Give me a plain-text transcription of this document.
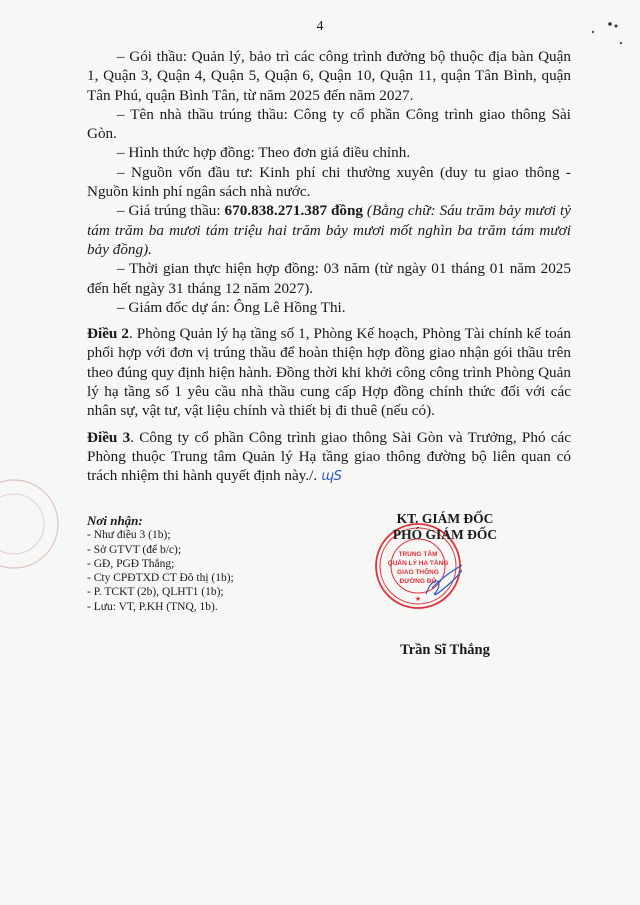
4

– Gói thầu: Quản lý, bảo trì các công trình đường bộ thuộc địa bàn Quận 1, Quận 3, Quận 4, Quận 5, Quận 6, Quận 10, Quận 11, quận Tân Bình, quận Tân Phú, quận Bình Tân, từ năm 2025 đến năm 2027.

– Tên nhà thầu trúng thầu: Công ty cổ phần Công trình giao thông Sài Gòn.

– Hình thức hợp đồng: Theo đơn giá điều chỉnh.

– Nguồn vốn đầu tư: Kinh phí chi thường xuyên (duy tu giao thông - Nguồn kinh phí ngân sách nhà nước.

– Giá trúng thầu: 670.838.271.387 đồng (Bằng chữ: Sáu trăm bảy mươi tỷ tám trăm ba mươi tám triệu hai trăm bảy mươi mốt nghìn ba trăm tám mươi bảy đồng).

– Thời gian thực hiện hợp đồng: 03 năm (từ ngày 01 tháng 01 năm 2025 đến hết ngày 31 tháng 12 năm 2027).

– Giám đốc dự án: Ông Lê Hồng Thi.

Điều 2. Phòng Quản lý hạ tầng số 1, Phòng Kế hoạch, Phòng Tài chính kế toán phối hợp với đơn vị trúng thầu để hoàn thiện hợp đồng giao nhận gói thầu trên theo đúng quy định hiện hành. Đồng thời khi khởi công công trình Phòng Quản lý hạ tầng số 1 yêu cầu nhà thầu cung cấp Hợp đồng chính thức đối với các nhân sự, vật tư, vật liệu chính và thiết bị đi thuê (nếu có).

Điều 3. Công ty cổ phần Công trình giao thông Sài Gòn và Trưởng, Phó các Phòng thuộc Trung tâm Quản lý Hạ tầng giao thông đường bộ liên quan có trách nhiệm thi hành quyết định này./. ɰS

Nơi nhận:
- Như điều 3 (1b);
- Sở GTVT (để b/c);
- GĐ, PGĐ Thắng;
- Cty CPĐTXD CT Đô thị (1b);
- P. TCKT (2b), QLHT1 (1b);
- Lưu: VT, P.KH (TNQ, 1b).
TRUNG TÂM
QUẢN LÝ HẠ TẦNG
GIAO THÔNG
ĐƯỜNG BỘ
★
KT. GIÁM ĐỐC
PHÓ GIÁM ĐỐC
Trần Sĩ Thắng
